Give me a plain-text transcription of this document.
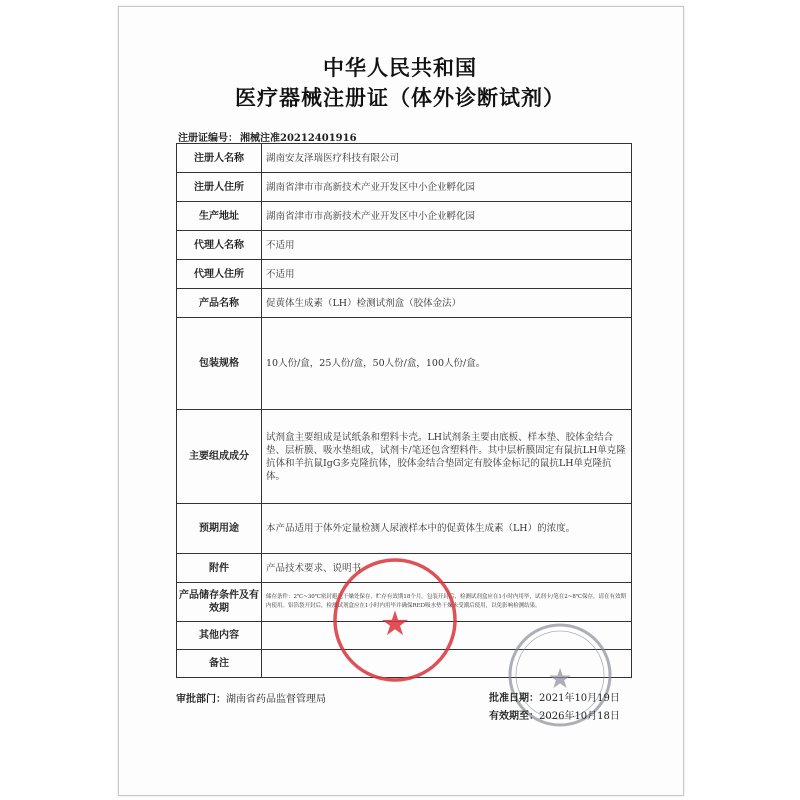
中华人民共和国
医疗器械注册证（体外诊断试剂）
注册证编号： 湘械注准20212401916
注册人名称	湖南安友泽瑞医疗科技有限公司
注册人住所	湖南省津市市高新技术产业开发区中小企业孵化园
生产地址	湖南省津市市高新技术产业开发区中小企业孵化园
代理人名称	不适用
代理人住所	不适用
产品名称	促黄体生成素（LH）检测试剂盒（胶体金法）
包装规格	10人份/盒，25人份/盒，50人份/盒，100人份/盒。
主要组成成分	试剂盒主要组成是试纸条和塑料卡壳。LH试剂条主要由底板、样本垫、胶体金结合垫、层析膜、吸水垫组成，试剂卡/笔还包含塑料件。其中层析膜固定有鼠抗LH单克隆抗体和羊抗鼠IgG多克隆抗体，胶体金结合垫固定有胶体金标记的鼠抗LH单克隆抗体。
预期用途	本产品适用于体外定量检测人尿液样本中的促黄体生成素（LH）的浓度。
附件	产品技术要求、说明书
产品储存条件及有效期	储存条件：2℃~30℃密封避光干燥处保存，贮存有效期18个月。包装开封后，检测试剂盒应在1小时内用毕，试剂卡/笔在2~8℃保存，请在有效期内使用。铝箔袋开封后，检测试剂盒应在1小时内用毕并确保RED吸水垫干燥未受潮后使用，以免影响检测结果。
其他内容	
备注	
★
★
审批部门：湖南省药品监督管理局	批准日期：2021年10月19日
有效期至：2026年10月18日
